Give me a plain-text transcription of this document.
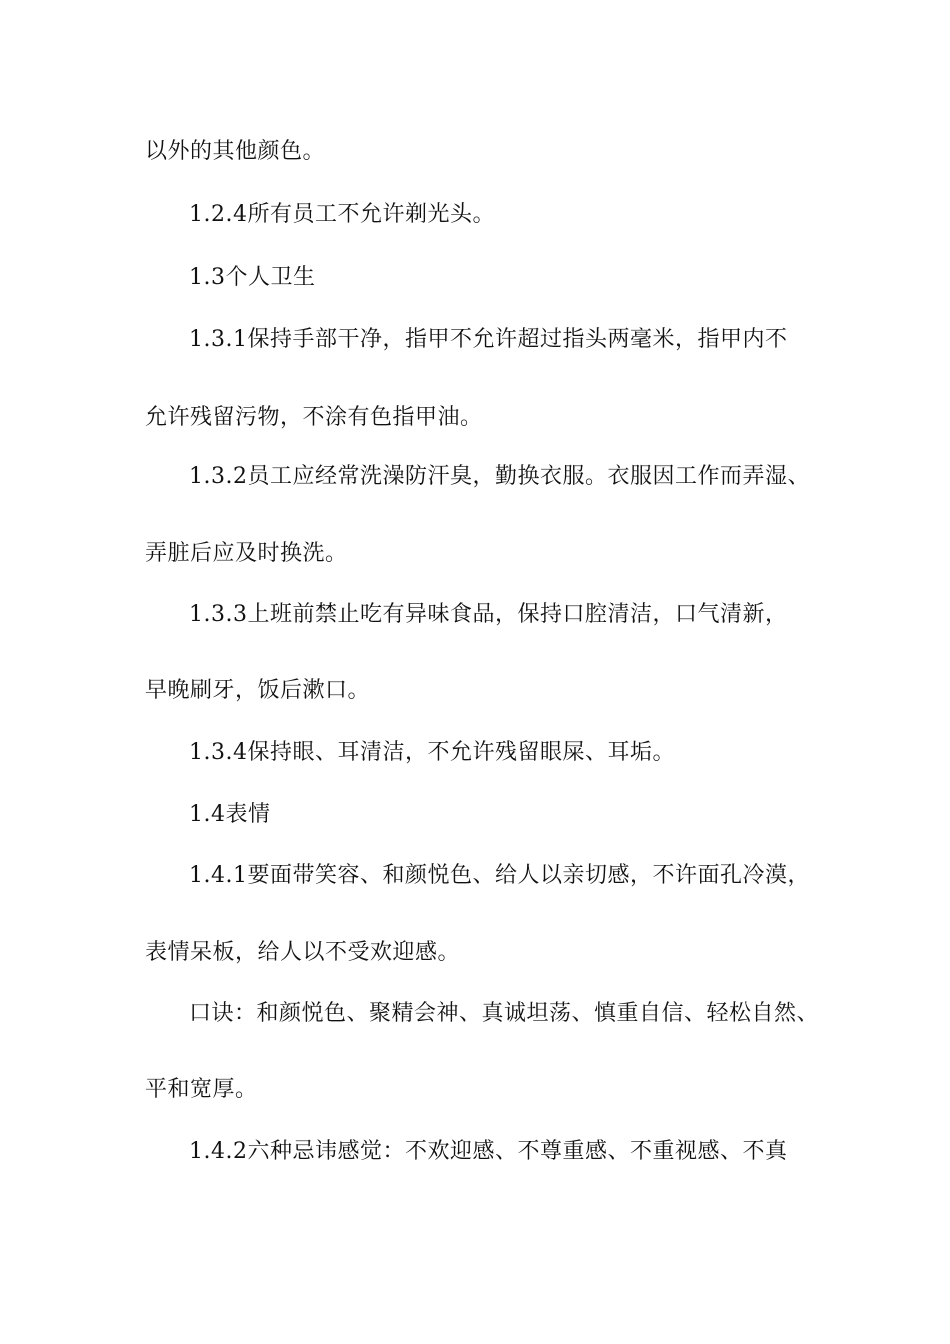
以外的其他颜色。
1.2.4所有员工不允许剃光头。
1.3个人卫生
1.3.1保持手部干净，指甲不允许超过指头两毫米，指甲内不
允许残留污物，不涂有色指甲油。
1.3.2员工应经常洗澡防汗臭，勤换衣服。衣服因工作而弄湿、
弄脏后应及时换洗。
1.3.3上班前禁止吃有异味食品，保持口腔清洁，口气清新，
早晚刷牙，饭后漱口。
1.3.4保持眼、耳清洁，不允许残留眼屎、耳垢。
1.4表情
1.4.1要面带笑容、和颜悦色、给人以亲切感，不许面孔冷漠，
表情呆板，给人以不受欢迎感。
口诀：和颜悦色、聚精会神、真诚坦荡、慎重自信、轻松自然、
平和宽厚。
1.4.2六种忌讳感觉：不欢迎感、不尊重感、不重视感、不真
